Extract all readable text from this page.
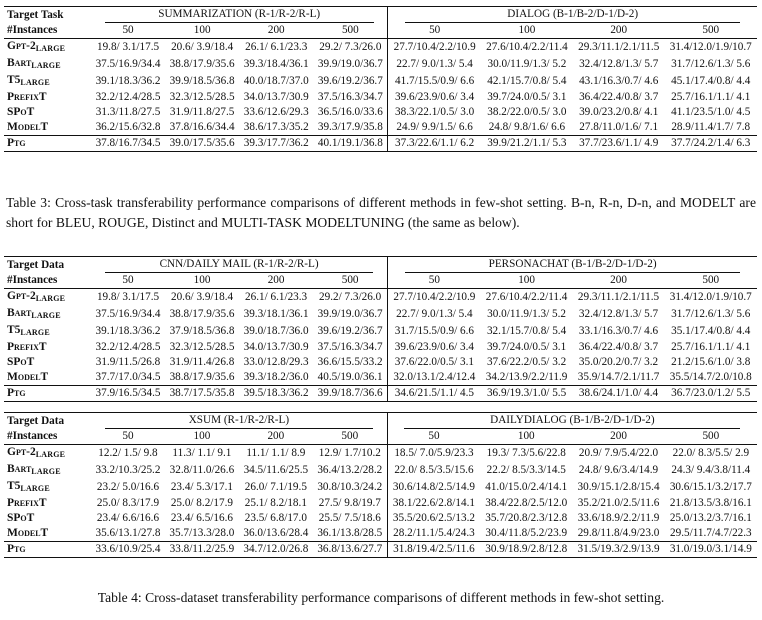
Target Task	SUMMARIZATION (R-1/R-2/R-L)				DIALOG (B-1/B-2/D-1/D-2)			
#Instances	50	100	200	500	50	100	200	500
Gpt-$2_{LARGE}$	19.8/ 3.1/17.5	20.6/ 3.9/18.4	26.1/ 6.1/23.3	29.2/ 7.3/26.0	27.7/10.4/2.2/10.9	27.6/10.4/2.2/11.4	29.3/11.1/2.1/11.5	31.4/12.0/1.9/10.7
Bart$_{LARGE}$	37.5/16.9/34.4	38.8/17.9/35.6	39.3/18.4/36.1	39.9/19.0/36.7	22.7/ 9.0/1.3/ 5.4	30.0/11.9/1.3/ 5.2	32.4/12.8/1.3/ 5.7	31.7/12.6/1.3/ 5.6
$T5_{LARGE}$	39.1/18.3/36.2	39.9/18.5/36.8	40.0/18.7/37.0	39.6/19.2/36.7	41.7/15.5/0.9/ 6.6	42.1/15.7/0.8/ 5.4	43.1/16.3/0.7/ 4.6	45.1/17.4/0.8/ 4.4
PrefixT	32.2/12.4/28.5	32.3/12.5/28.5	34.0/13.7/30.9	37.5/16.3/34.7	39.6/23.9/0.6/ 3.4	39.7/24.0/0.5/ 3.1	36.4/22.4/0.8/ 3.7	25.7/16.1/1.1/ 4.1
SPoT	31.3/11.8/27.5	31.9/11.8/27.5	33.6/12.6/29.3	36.5/16.0/33.6	38.3/22.1/0.5/ 3.0	38.2/22.0/0.5/ 3.0	39.0/23.2/0.8/ 4.1	41.1/23.5/1.0/ 4.5
ModelT	36.2/15.6/32.8	37.8/16.6/34.4	38.6/17.3/35.2	39.3/17.9/35.8	24.9/ 9.9/1.5/ 6.6	24.8/ 9.8/1.6/ 6.6	27.8/11.0/1.6/ 7.1	28.9/11.4/1.7/ 7.8
Ptg	37.8/16.7/34.5	39.0/17.5/35.6	39.3/17.7/36.2	40.1/19.1/36.8	37.3/22.6/1.1/ 6.2	39.9/21.2/1.1/ 5.3	37.7/23.6/1.1/ 4.9	37.7/24.2/1.4/ 6.3
Table 3: Cross-task transferability performance comparisons of different methods in few-shot setting. B-n, R-n, D-n, and MODELT are short for BLEU, ROUGE, Distinct and MULTI-TASK MODELTUNING (the same as below).
Target Data	CNN/DAILY MAIL (R-1/R-2/R-L)				PERSONACHAT (B-1/B-2/D-1/D-2)			
#Instances	50	100	200	500	50	100	200	500
Gpt-$2_{LARGE}$	19.8/ 3.1/17.5	20.6/ 3.9/18.4	26.1/ 6.1/23.3	29.2/ 7.3/26.0	27.7/10.4/2.2/10.9	27.6/10.4/2.2/11.4	29.3/11.1/2.1/11.5	31.4/12.0/1.9/10.7
Bart$_{LARGE}$	37.5/16.9/34.4	38.8/17.9/35.6	39.3/18.1/36.1	39.9/19.0/36.7	22.7/ 9.0/1.3/ 5.4	30.0/11.9/1.3/ 5.2	32.4/12.8/1.3/ 5.7	31.7/12.6/1.3/ 5.6
$T5_{LARGE}$	39.1/18.3/36.2	37.9/18.5/36.8	39.0/18.7/36.0	39.6/19.2/36.7	31.7/15.5/0.9/ 6.6	32.1/15.7/0.8/ 5.4	33.1/16.3/0.7/ 4.6	35.1/17.4/0.8/ 4.4
PrefixT	32.2/12.4/28.5	32.3/12.5/28.5	34.0/13.7/30.9	37.5/16.3/34.7	39.6/23.9/0.6/ 3.4	39.7/24.0/0.5/ 3.1	36.4/22.4/0.8/ 3.7	25.7/16.1/1.1/ 4.1
SPoT	31.9/11.5/26.8	31.9/11.4/26.8	33.0/12.8/29.3	36.6/15.5/33.2	37.6/22.0/0.5/ 3.1	37.6/22.2/0.5/ 3.2	35.0/20.2/0.7/ 3.2	21.2/15.6/1.0/ 3.8
ModelT	37.7/17.0/34.5	38.8/17.9/35.6	39.3/18.2/36.0	40.5/19.0/36.1	32.0/13.1/2.4/12.4	34.2/13.9/2.2/11.9	35.9/14.7/2.1/11.7	35.5/14.7/2.0/10.8
Ptg	37.9/16.5/34.5	38.7/17.5/35.8	39.5/18.3/36.2	39.9/18.7/36.6	34.6/21.5/1.1/ 4.5	36.9/19.3/1.0/ 5.5	38.6/24.1/1.0/ 4.4	36.7/23.0/1.2/ 5.5
Target Data	XSUM (R-1/R-2/R-L)				DAILYDIALOG (B-1/B-2/D-1/D-2)			
#Instances	50	100	200	500	50	100	200	500
Gpt-$2_{LARGE}$	12.2/ 1.5/ 9.8	11.3/ 1.1/ 9.1	11.1/ 1.1/ 8.9	12.9/ 1.7/10.2	18.5/ 7.0/5.9/23.3	19.3/ 7.3/5.6/22.8	20.9/ 7.9/5.4/22.0	22.0/ 8.3/5.5/ 2.9
Bart$_{LARGE}$	33.2/10.3/25.2	32.8/11.0/26.6	34.5/11.6/25.5	36.4/13.2/28.2	22.0/ 8.5/3.5/15.6	22.2/ 8.5/3.3/14.5	24.8/ 9.6/3.4/14.9	24.3/ 9.4/3.8/11.4
$T5_{LARGE}$	23.2/ 5.0/16.6	23.4/ 5.3/17.1	26.0/ 7.1/19.5	30.8/10.3/24.2	30.6/14.8/2.5/14.9	41.0/15.0/2.4/14.1	30.9/15.1/2.8/15.4	30.6/15.1/3.2/17.7
PrefixT	25.0/ 8.3/17.9	25.0/ 8.2/17.9	25.1/ 8.2/18.1	27.5/ 9.8/19.7	38.1/22.6/2.8/14.1	38.4/22.8/2.5/12.0	35.2/21.0/2.5/11.6	21.8/13.5/3.8/16.1
SPoT	23.4/ 6.6/16.6	23.4/ 6.5/16.6	23.5/ 6.8/17.0	25.5/ 7.5/18.6	35.5/20.6/2.5/13.2	35.7/20.8/2.3/12.8	33.6/18.9/2.2/11.9	25.0/13.2/3.7/16.1
ModelT	35.6/13.1/27.8	35.7/13.3/28.0	36.0/13.6/28.4	36.1/13.8/28.5	28.2/11.1/5.4/24.3	30.4/11.8/5.2/23.9	29.8/11.8/4.9/23.0	29.5/11.7/4.7/22.3
Ptg	33.6/10.9/25.4	33.8/11.2/25.9	34.7/12.0/26.8	36.8/13.6/27.7	31.8/19.4/2.5/11.6	30.9/18.9/2.8/12.8	31.5/19.3/2.9/13.9	31.0/19.0/3.1/14.9
Table 4: Cross-dataset transferability performance comparisons of different methods in few-shot setting.
